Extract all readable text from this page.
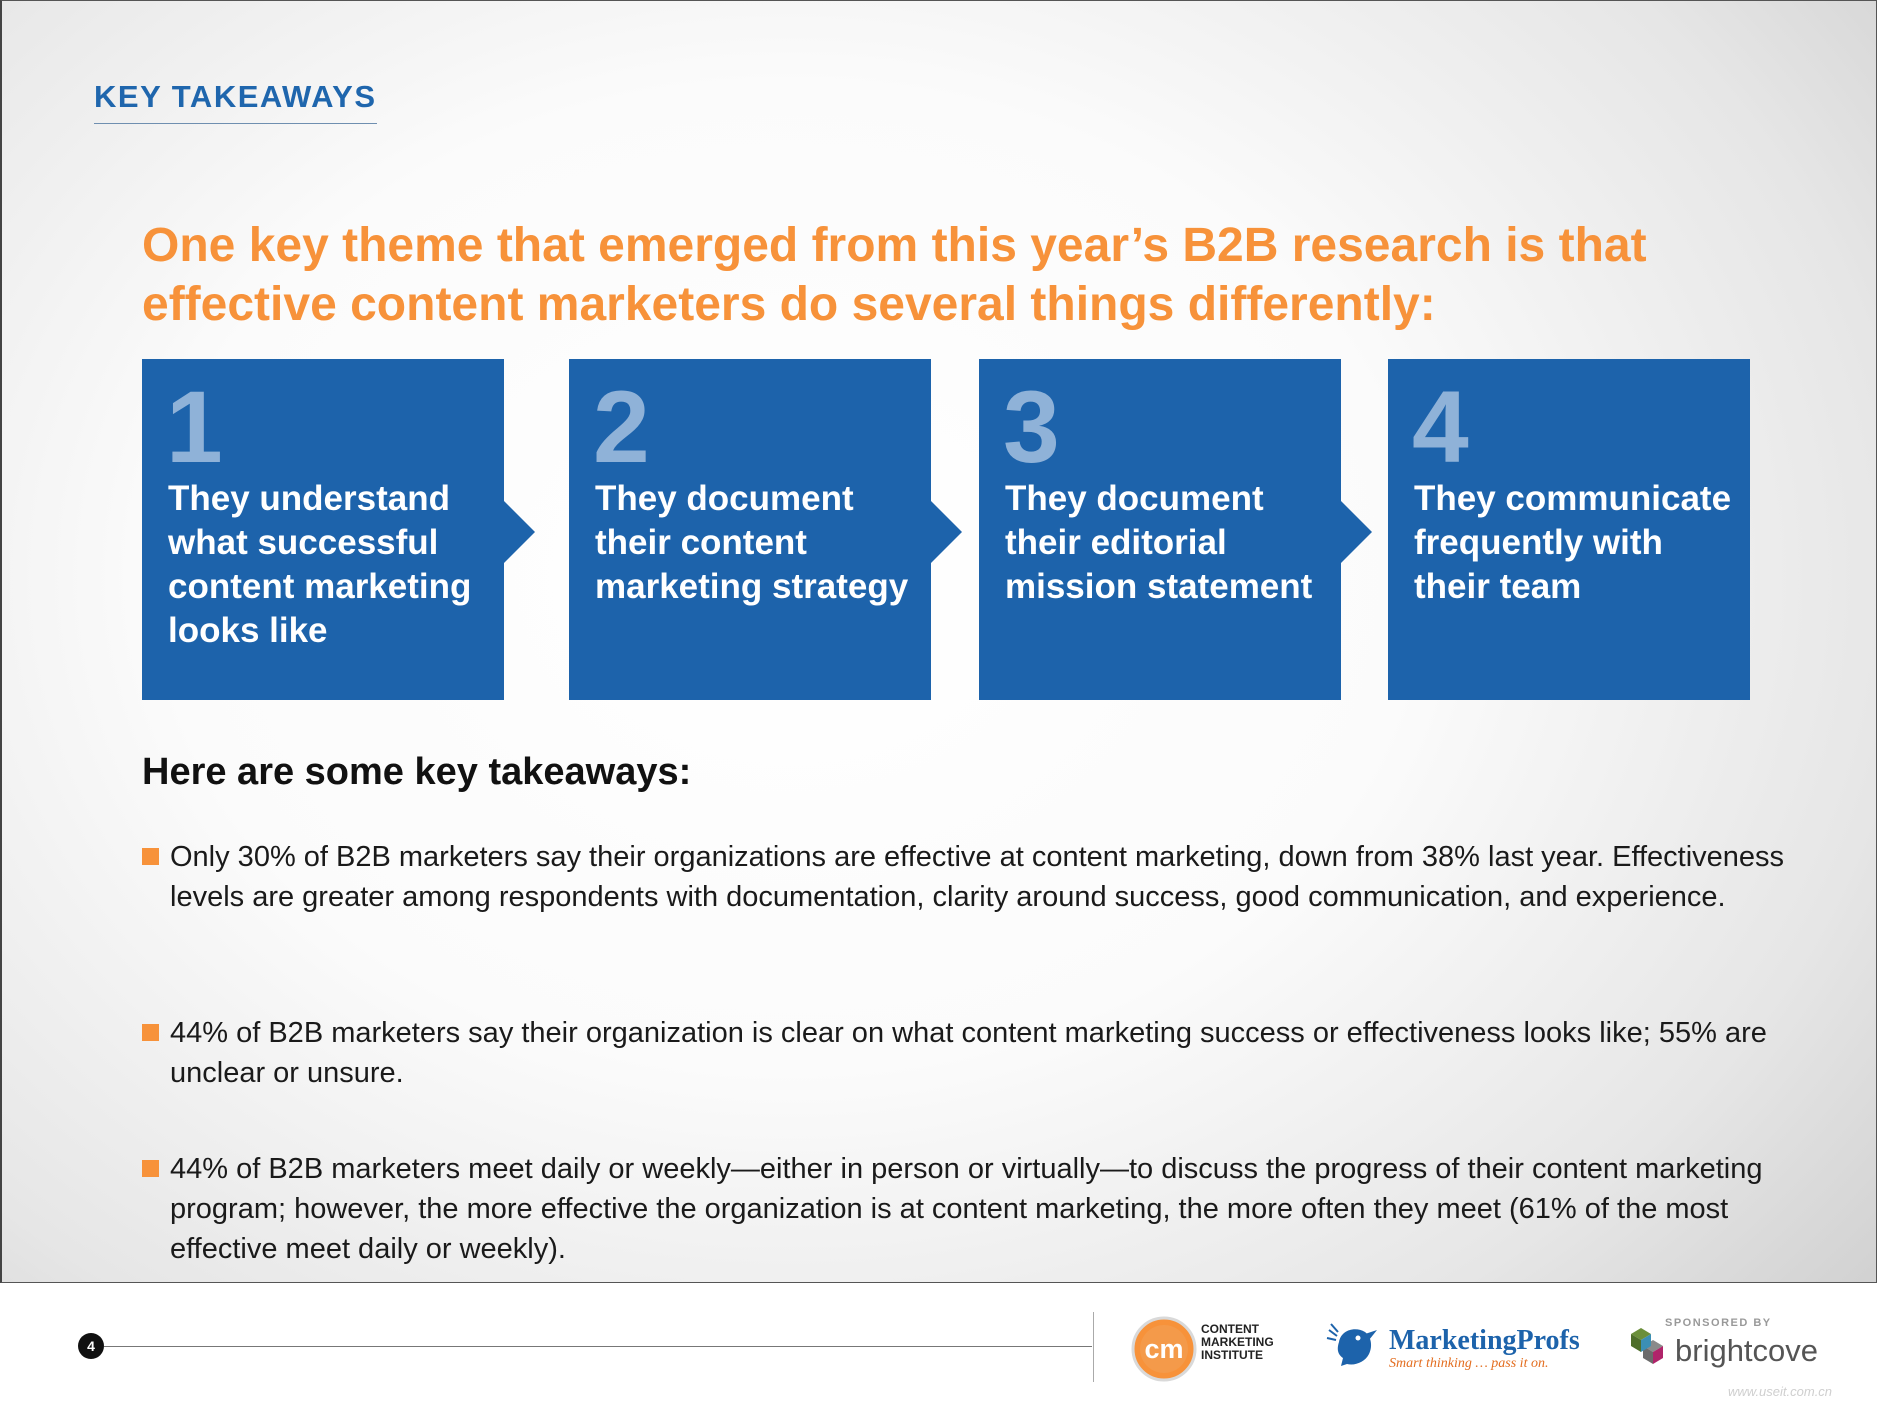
KEY TAKEAWAYS
One key theme that emerged from this year’s B2B research is that effective content marketers do several things differently:
1
They understand what successful content marketing looks like
2
They document their content marketing strategy
3
They document their editorial mission statement
4
They communicate frequently with their team
Here are some key takeaways:
Only 30% of B2B marketers say their organizations are effective at content marketing, down from 38% last year. Effectiveness levels are greater among respondents with documentation, clarity around success, good communication, and experience.
44% of B2B marketers say their organization is clear on what content marketing success or effectiveness looks like; 55% are unclear or unsure.
44% of B2B marketers meet daily or weekly—either in person or virtually—to discuss the progress of their content marketing program; however, the more effective the organization is at content marketing, the more often they meet (61% of the most effective meet daily or weekly).
4	cm
CONTENT
MARKETING
INSTITUTE	MarketingProfs
Smart thinking … pass it on.
SPONSORED BY
brightcove
www.useit.com.cn
